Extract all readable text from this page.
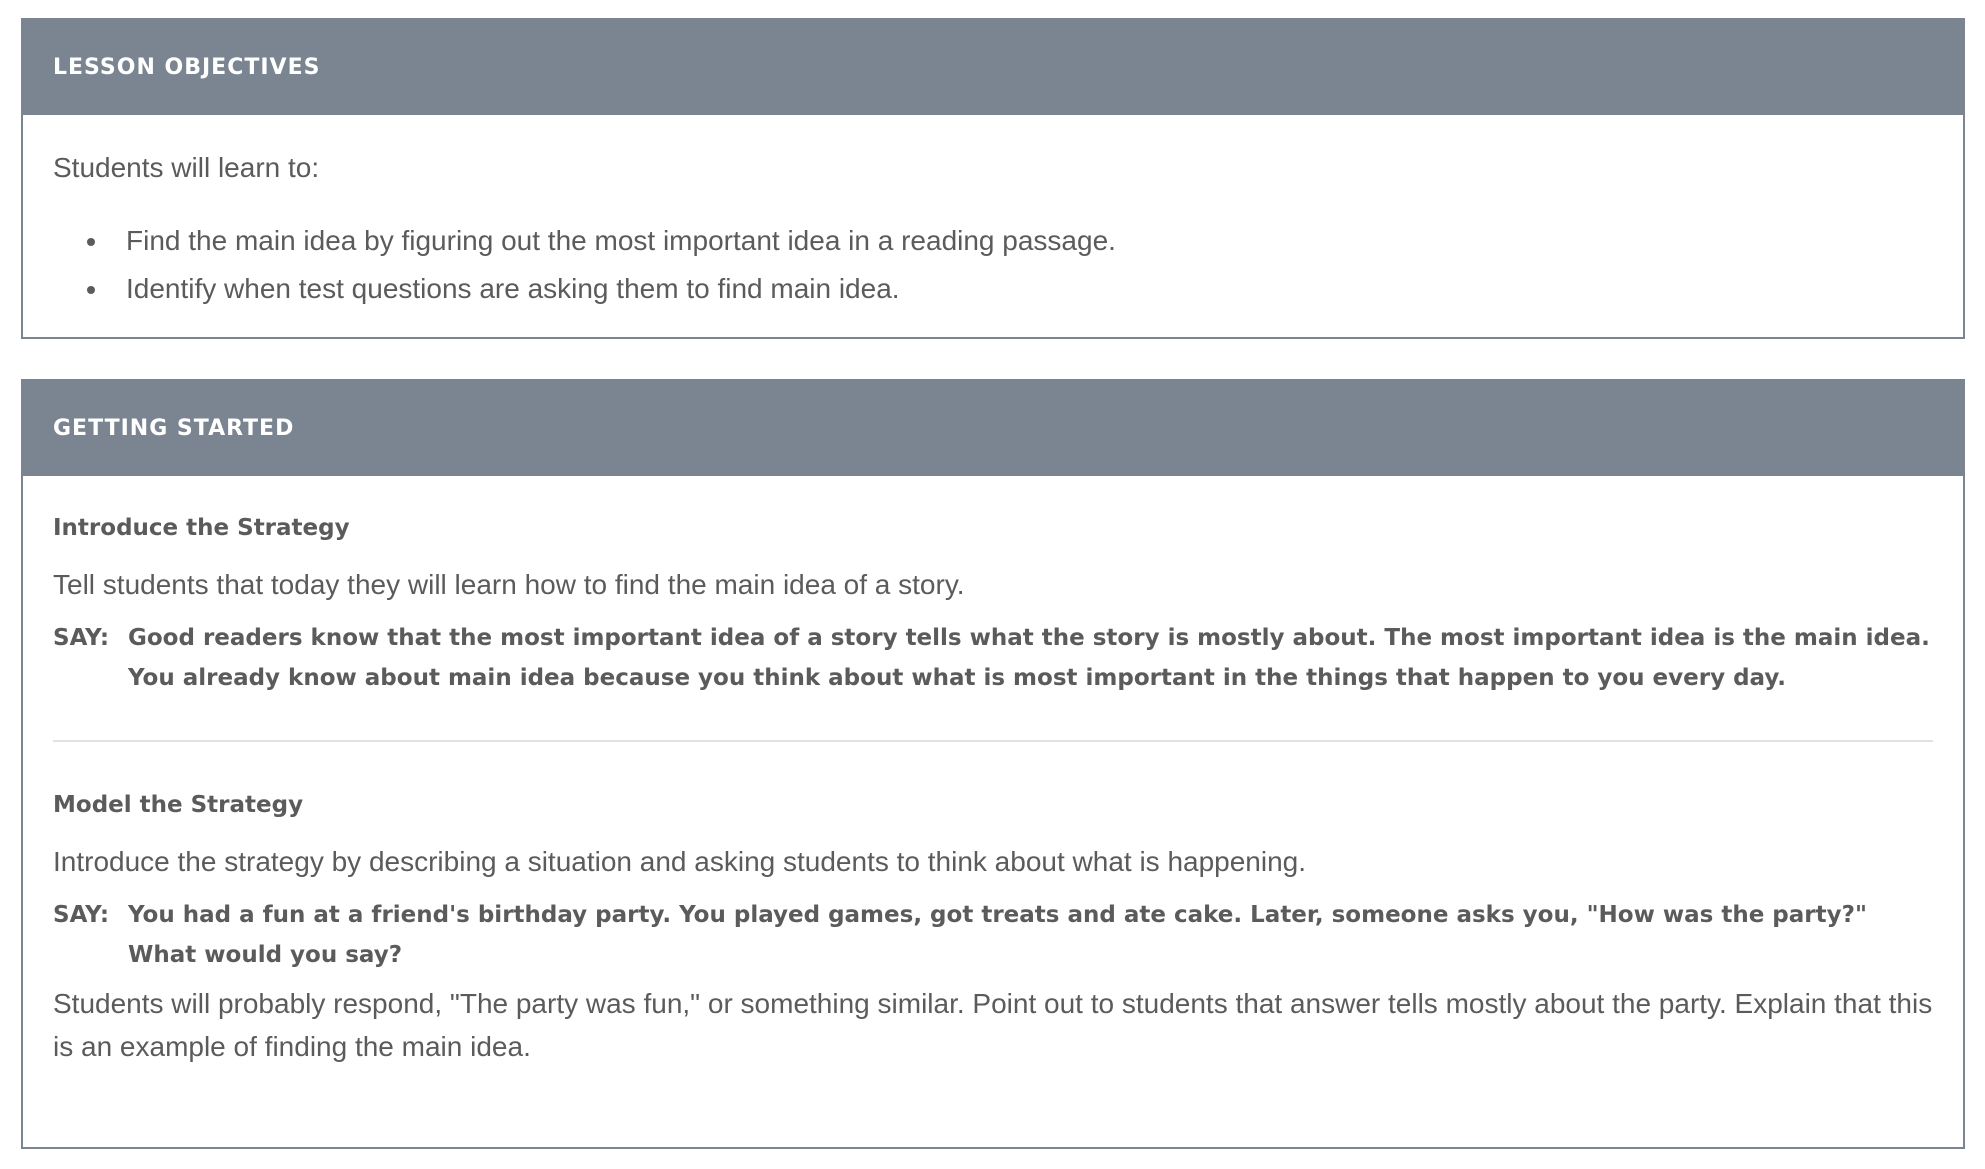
LESSON OBJECTIVES

Students will learn to:

• Find the main idea by figuring out the most important idea in a reading passage.
• Identify when test questions are asking them to find main idea.
GETTING STARTED
Introduce the Strategy

Tell students that today they will learn how to find the main idea of a story.

SAY: Good readers know that the most important idea of a story tells what the story is mostly about. The most important idea is the main idea. You already know about main idea because you think about what is most important in the things that happen to you every day.
Model the Strategy

Introduce the strategy by describing a situation and asking students to think about what is happening.

SAY: You had a fun at a friend's birthday party. You played games, got treats and ate cake. Later, someone asks you, "How was the party?" What would you say?

Students will probably respond, "The party was fun," or something similar. Point out to students that answer tells mostly about the party. Explain that this is an example of finding the main idea.
